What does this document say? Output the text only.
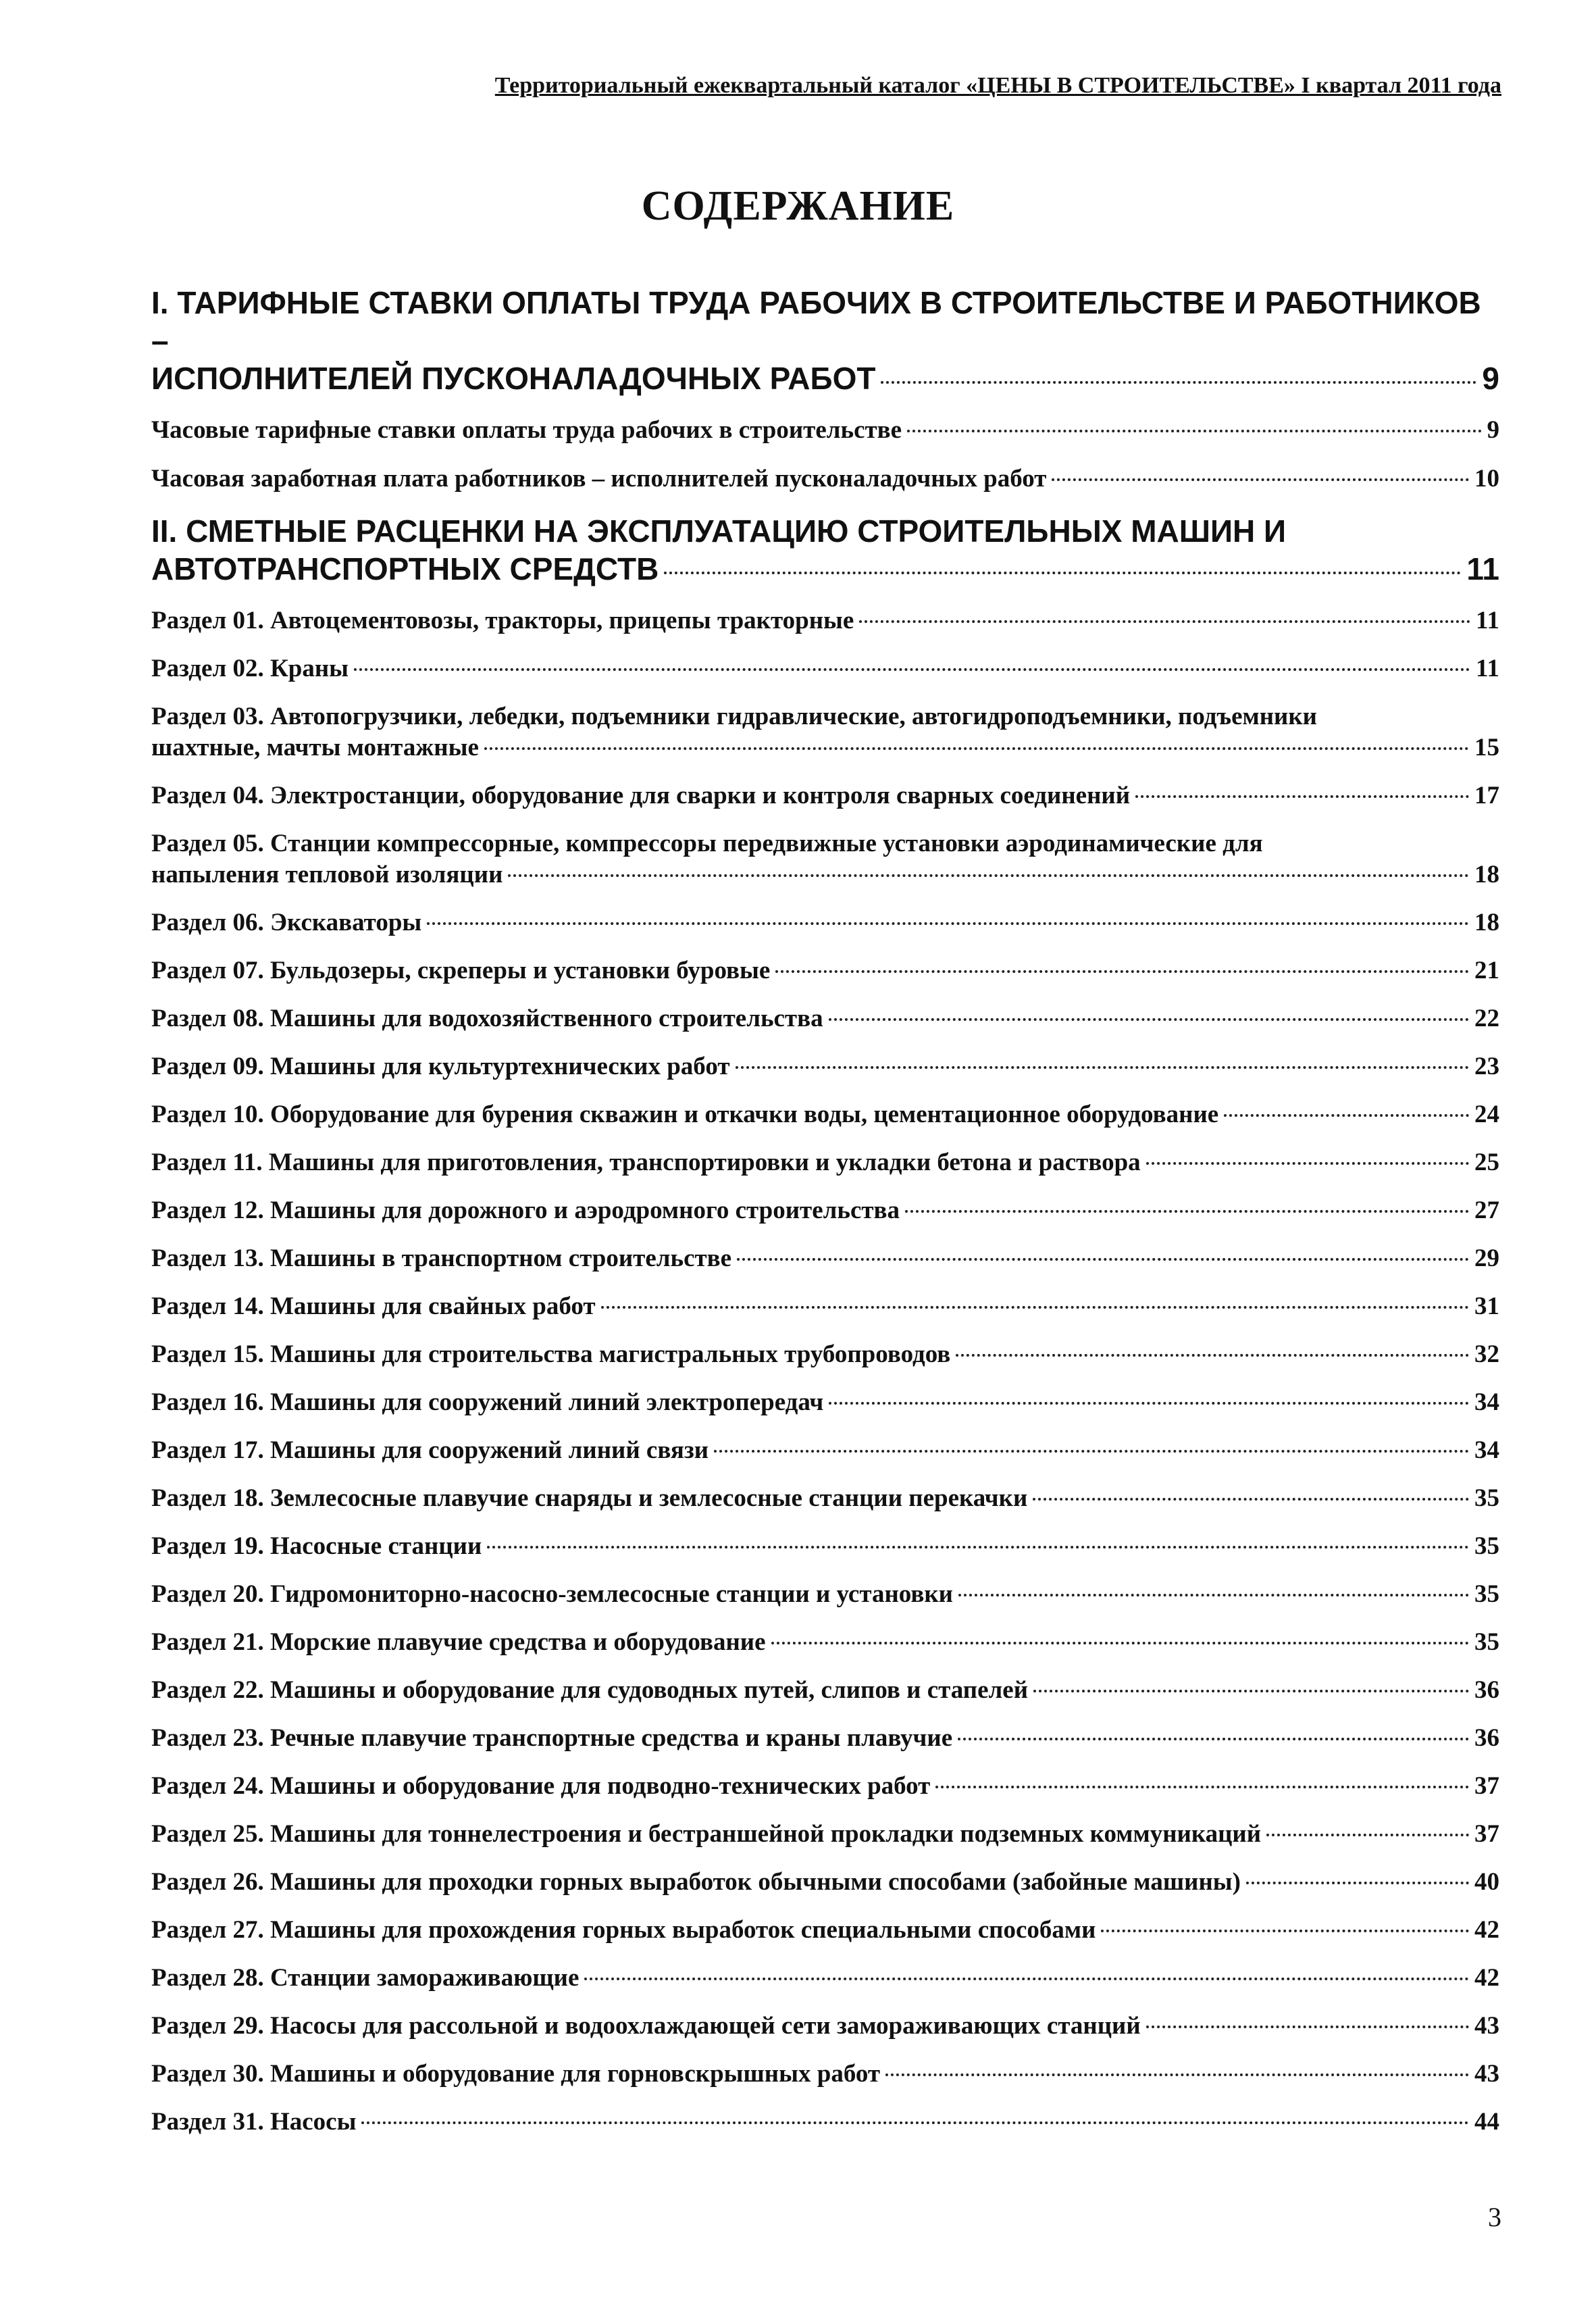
Территориальный ежеквартальный каталог «ЦЕНЫ В СТРОИТЕЛЬСТВЕ» I квартал 2011 года
СОДЕРЖАНИЕ
I. ТАРИФНЫЕ СТАВКИ ОПЛАТЫ ТРУДА РАБОЧИХ В СТРОИТЕЛЬСТВЕ И РАБОТНИКОВ –
ИСПОЛНИТЕЛЕЙ ПУСКОНАЛАДОЧНЫХ РАБОТ	9
Часовые тарифные ставки оплаты труда рабочих в строительстве	9
Часовая заработная плата работников – исполнителей пусконаладочных работ	10
II. СМЕТНЫЕ РАСЦЕНКИ НА ЭКСПЛУАТАЦИЮ СТРОИТЕЛЬНЫХ МАШИН И
АВТОТРАНСПОРТНЫХ СРЕДСТВ	11
Раздел 01. Автоцементовозы, тракторы, прицепы тракторные	11
Раздел 02. Краны	11
Раздел 03. Автопогрузчики, лебедки, подъемники гидравлические, автогидроподъемники, подъемники
шахтные, мачты монтажные	15
Раздел 04. Электростанции, оборудование для сварки и контроля сварных соединений	17
Раздел 05. Станции компрессорные, компрессоры передвижные установки аэродинамические для
напыления тепловой изоляции	18
Раздел 06. Экскаваторы	18
Раздел 07. Бульдозеры, скреперы и установки буровые	21
Раздел 08. Машины для водохозяйственного строительства	22
Раздел 09. Машины для культуртехнических работ	23
Раздел 10. Оборудование для бурения скважин и откачки воды, цементационное оборудование	24
Раздел 11. Машины для приготовления, транспортировки и укладки бетона и раствора	25
Раздел 12. Машины для дорожного и аэродромного строительства	27
Раздел 13. Машины в транспортном строительстве	29
Раздел 14. Машины для свайных работ	31
Раздел 15. Машины для строительства магистральных трубопроводов	32
Раздел 16. Машины для сооружений линий электропередач	34
Раздел 17. Машины для сооружений линий связи	34
Раздел 18. Землесосные плавучие снаряды и землесосные станции перекачки	35
Раздел 19. Насосные станции	35
Раздел 20. Гидромониторно-насосно-землесосные станции и установки	35
Раздел 21. Морские плавучие средства и оборудование	35
Раздел 22. Машины и оборудование для судоводных путей, слипов и стапелей	36
Раздел 23. Речные плавучие транспортные средства и краны плавучие	36
Раздел 24. Машины и оборудование для подводно-технических работ	37
Раздел 25. Машины для тоннелестроения и бестраншейной прокладки подземных коммуникаций	37
Раздел 26. Машины для проходки горных выработок обычными способами (забойные машины)	40
Раздел 27. Машины для прохождения горных выработок специальными способами	42
Раздел 28. Станции замораживающие	42
Раздел 29. Насосы для рассольной и водоохлаждающей сети замораживающих станций	43
Раздел 30. Машины и оборудование для горновскрышных работ	43
Раздел 31. Насосы	44
3
